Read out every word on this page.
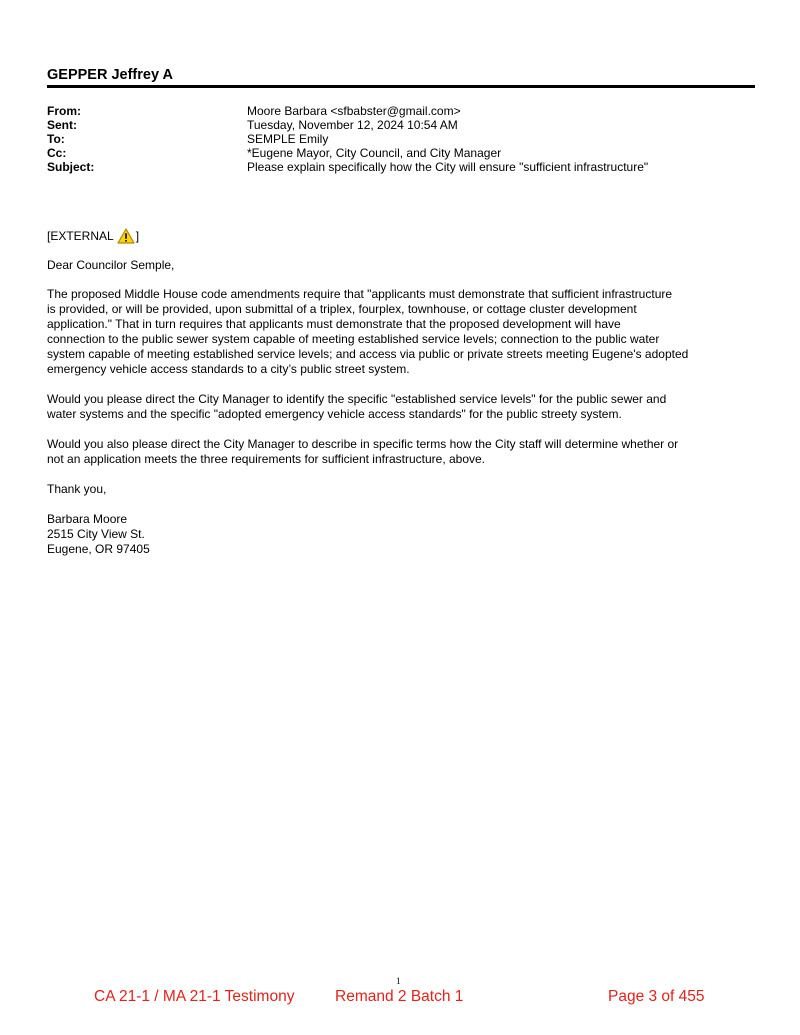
GEPPER Jeffrey A
From:	Moore Barbara <sfbabster@gmail.com>
Sent:	Tuesday, November 12, 2024 10:54 AM
To:	SEMPLE Emily
Cc:	*Eugene Mayor, City Council, and City Manager
Subject:	Please explain specifically how the City will ensure "sufficient infrastructure"
[EXTERNAL ]
Dear Councilor Semple,
The proposed Middle House code amendments require that "applicants must demonstrate that sufficient infrastructure
is provided, or will be provided, upon submittal of a triplex, fourplex, townhouse, or cottage cluster development
application." That in turn requires that applicants must demonstrate that the proposed development will have
connection to the public sewer system capable of meeting established service levels; connection to the public water
system capable of meeting established service levels; and access via public or private streets meeting Eugene's adopted
emergency vehicle access standards to a city’s public street system.
Would you please direct the City Manager to identify the specific "established service levels" for the public sewer and
water systems and the specific "adopted emergency vehicle access standards" for the public streety system.
Would you also please direct the City Manager to describe in specific terms how the City staff will determine whether or
not an application meets the three requirements for sufficient infrastructure, above.
Thank you,
Barbara Moore
2515 City View St.
Eugene, OR 97405
1
CA 21-1 / MA 21-1 Testimony	Remand 2 Batch 1	Page 3 of 455
